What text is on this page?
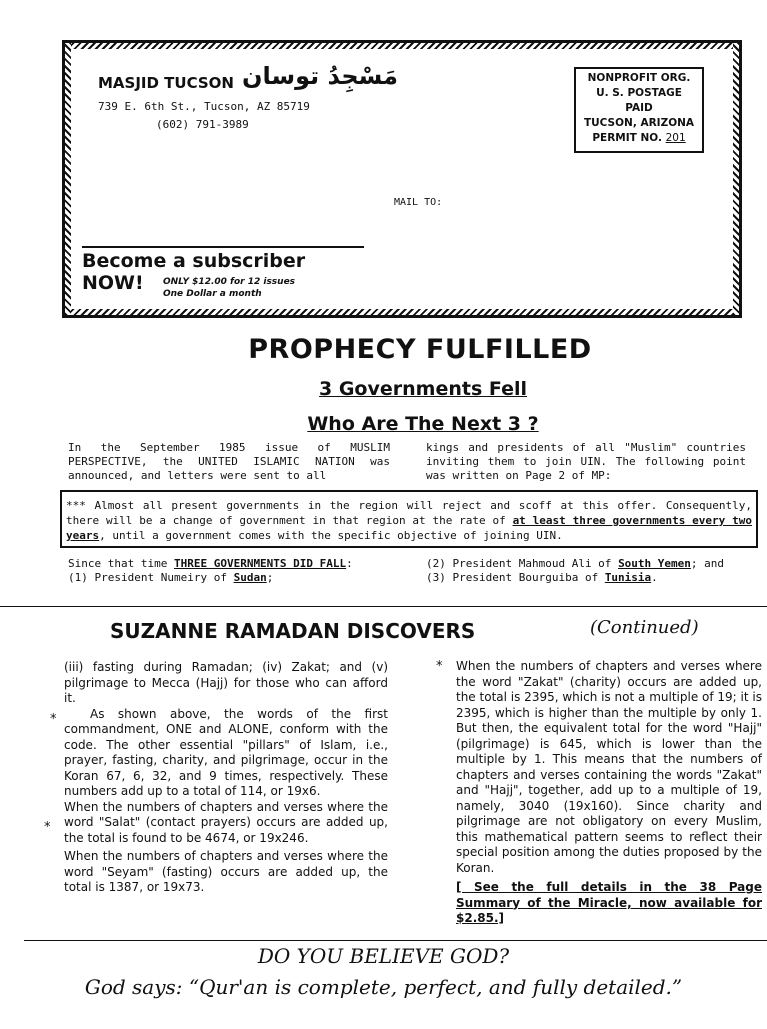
MASJID TUCSON مَسْجِدُ توسان
739 E. 6th St., Tucson, AZ 85719
(602) 791-3989
NONPROFIT ORG.
U. S. POSTAGE
PAID
TUCSON, ARIZONA
PERMIT NO. 201
MAIL TO:
Become a subscriber NOW!	ONLY $12.00 for 12 issues
One Dollar a month
PROPHECY FULFILLED
3 Governments Fell
Who Are The Next 3 ?
In the September 1985 issue of MUSLIM PERSPECTIVE, the UNITED ISLAMIC NATION was announced, and letters were sent to all
kings and presidents of all "Muslim" countries inviting them to join UIN. The following point was written on Page 2 of MP:
*** Almost all present governments in the region will reject and scoff at this offer. Consequently, there will be a change of government in that region at the rate of at least three governments every two years, until a government comes with the specific objective of joining UIN.
Since that time THREE GOVERNMENTS DID FALL:
(1) President Numeiry of Sudan;
(2) President Mahmoud Ali of South Yemen; and
(3) President Bourguiba of Tunisia.
SUZANNE RAMADAN DISCOVERS	(Continued)
(iii) fasting during Ramadan; (iv) Zakat; and (v) pilgrimage to Mecca (Hajj) for those who can afford it.
As shown above, the words of the first commandment, ONE and ALONE, conform with the code. The other essential "pillars" of Islam, i.e., prayer, fasting, charity, and pilgrimage, occur in the Koran 67, 6, 32, and 9 times, respectively. These numbers add up to a total of 114, or 19x6.
When the numbers of chapters and verses where the word "Salat" (contact prayers) occurs are added up, the total is found to be 4674, or 19x246.
When the numbers of chapters and verses where the word "Seyam" (fasting) occurs are added up, the total is 1387, or 19x73.
*
*
* When the numbers of chapters and verses where the word "Zakat" (charity) occurs are added up, the total is 2395, which is not a multiple of 19; it is 2395, which is higher than the multiple by only 1. But then, the equivalent total for the word "Hajj" (pilgrimage) is 645, which is lower than the multiple by 1. This means that the numbers of chapters and verses containing the words "Zakat" and "Hajj", together, add up to a multiple of 19, namely, 3040 (19x160). Since charity and pilgrimage are not obligatory on every Muslim, this mathematical pattern seems to reflect their special position among the duties proposed by the Koran.
[ See the full details in the 38 Page Summary of the Miracle, now available for $2.85.]
DO YOU BELIEVE GOD?
God says: “Qur'an is complete, perfect, and fully detailed.”
